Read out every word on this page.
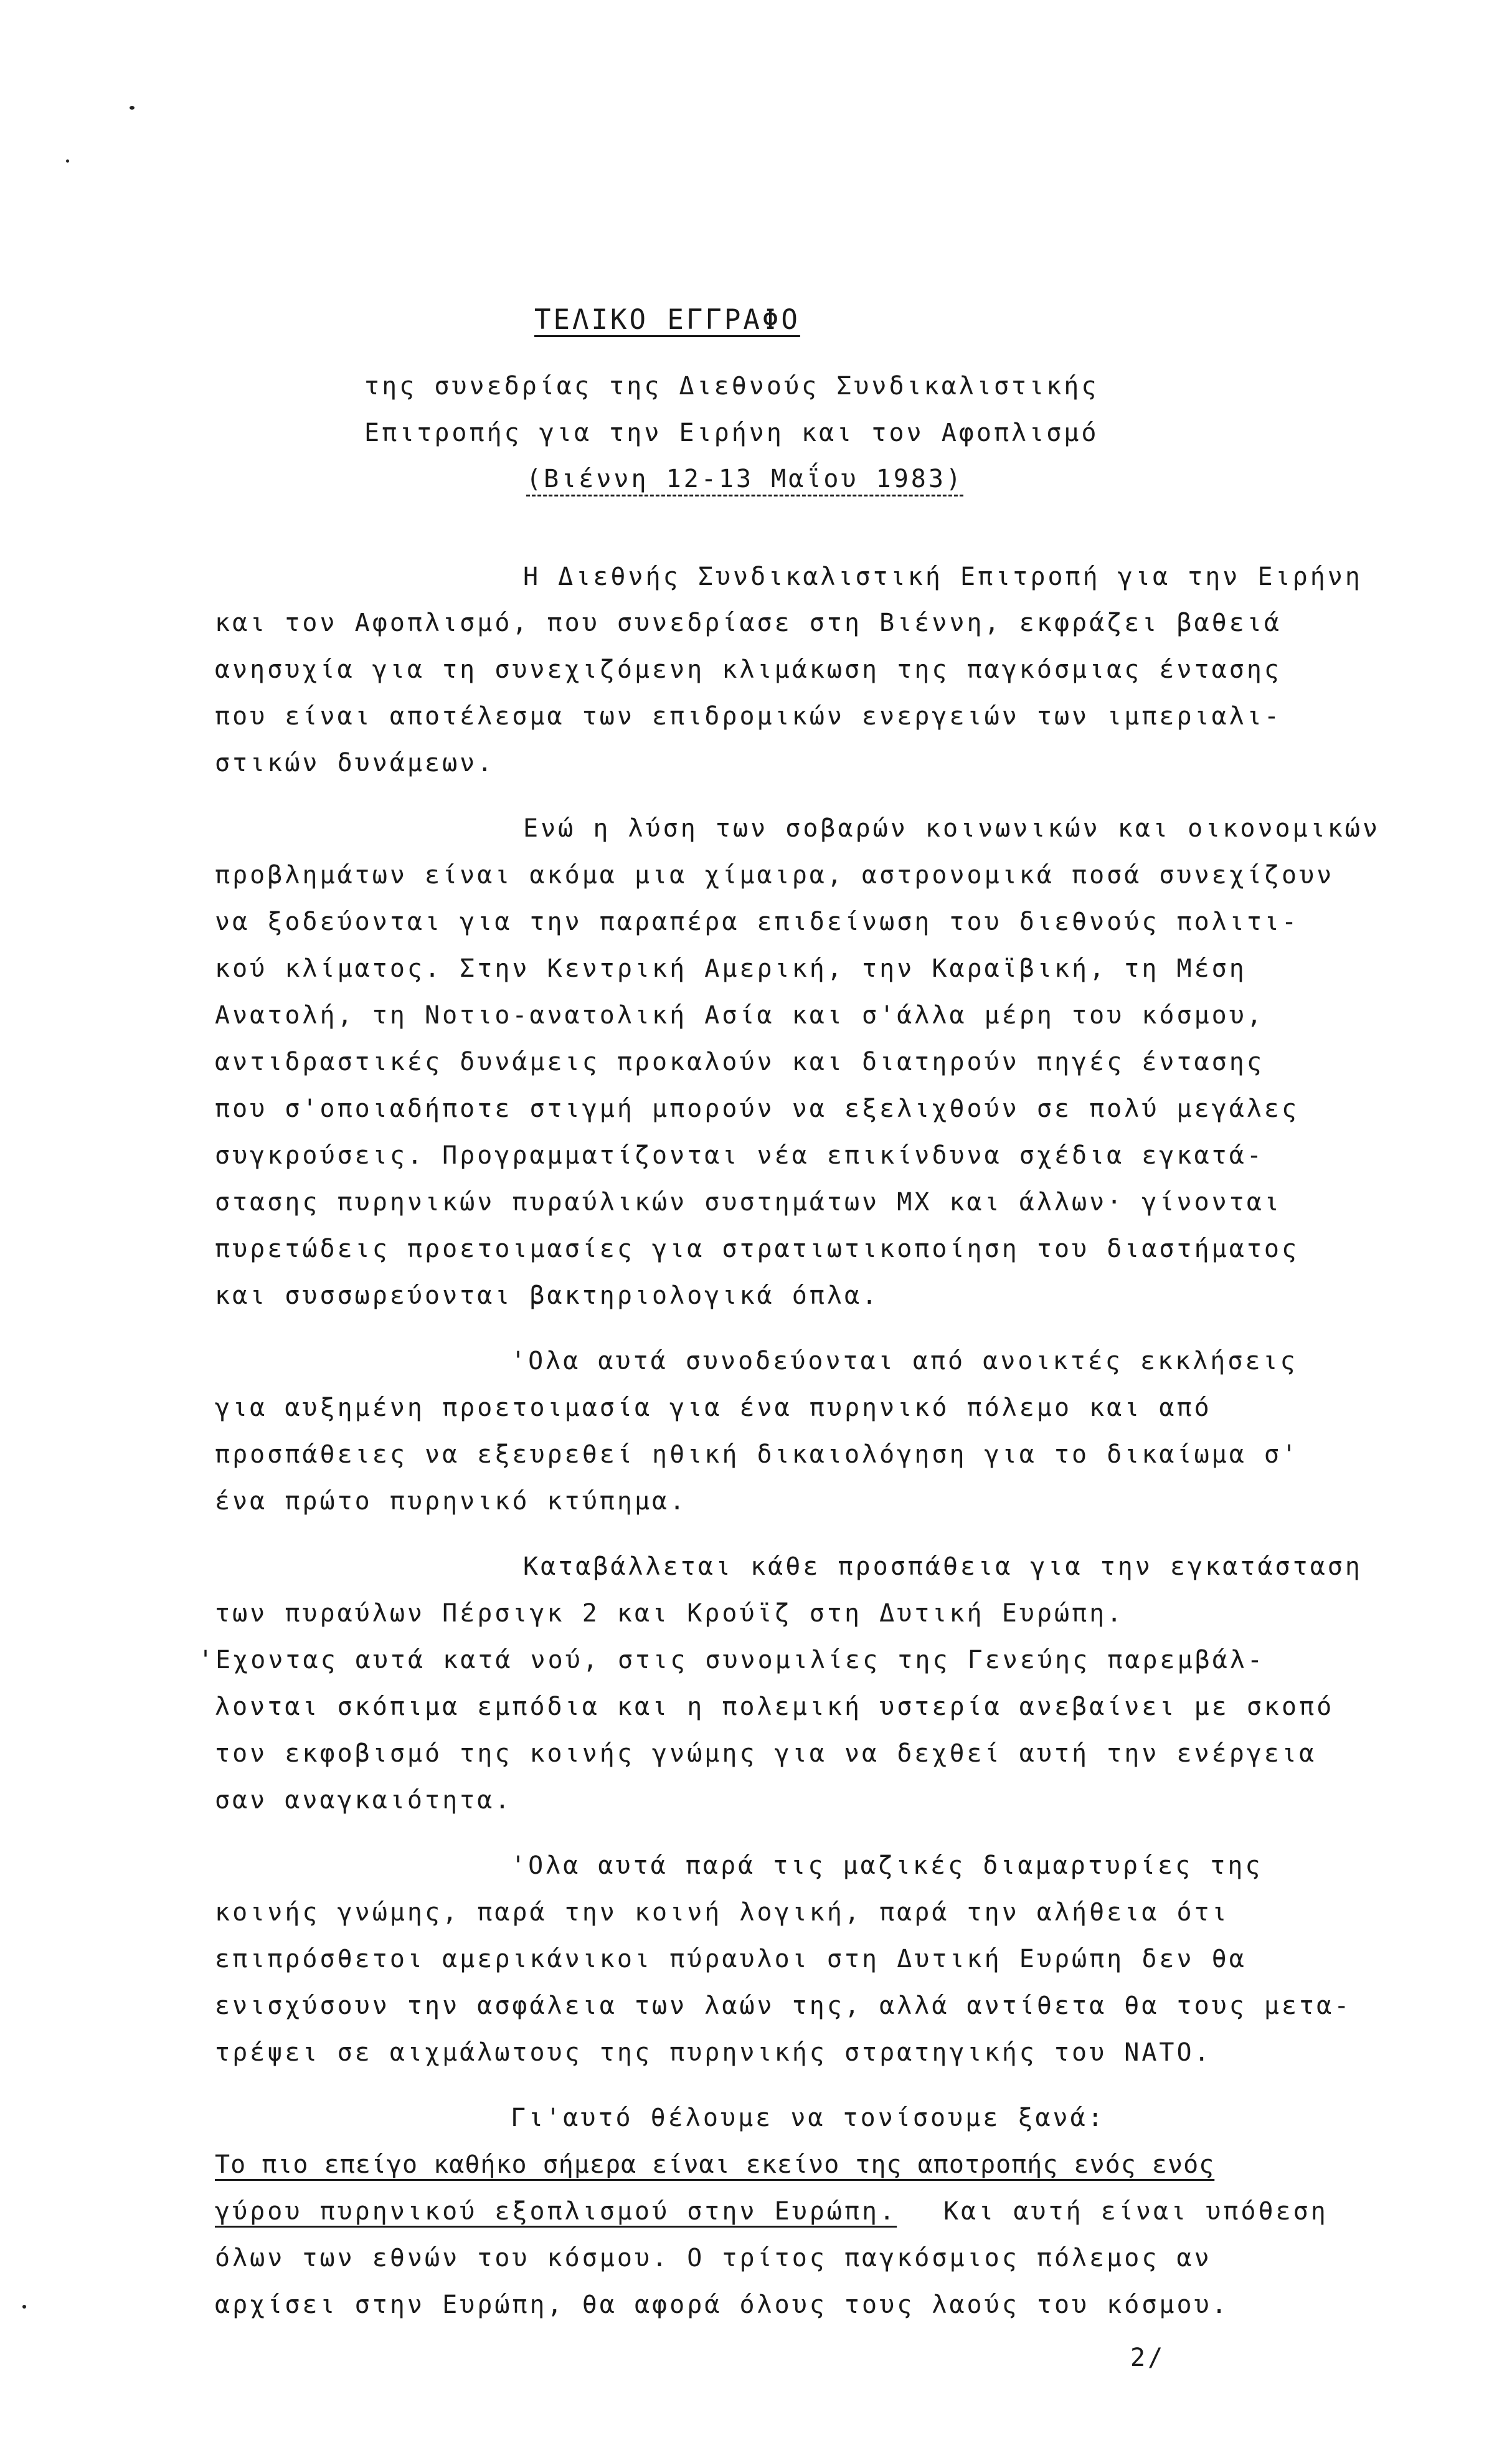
ΤΕΛΙΚΟ ΕΓΓΡΑΦΟ
της συνεδρίας της Διεθνούς Συνδικαλιστικής
Επιτροπής για την Ειρήνη και τον Αφοπλισμό
(Βιέννη 12-13 Μαΐου 1983)
Η Διεθνής Συνδικαλιστική Επιτροπή για την Ειρήνη
και τον Αφοπλισμό, που συνεδρίασε στη Βιέννη, εκφράζει βαθειά
ανησυχία για τη συνεχιζόμενη κλιμάκωση της παγκόσμιας έντασης
που είναι αποτέλεσμα των επιδρομικών ενεργειών των ιμπεριαλι-
στικών δυνάμεων.
Ενώ η λύση των σοβαρών κοινωνικών και οικονομικών
προβλημάτων είναι ακόμα μια χίμαιρα, αστρονομικά ποσά συνεχίζουν
να ξοδεύονται για την παραπέρα επιδείνωση του διεθνούς πολιτι-
κού κλίματος. Στην Κεντρική Αμερική, την Καραϊβική, τη Μέση
Ανατολή, τη Νοτιο-ανατολική Ασία και σ'άλλα μέρη του κόσμου,
αντιδραστικές δυνάμεις προκαλούν και διατηρούν πηγές έντασης
που σ'οποιαδήποτε στιγμή μπορούν να εξελιχθούν σε πολύ μεγάλες
συγκρούσεις. Προγραμματίζονται νέα επικίνδυνα σχέδια εγκατά-
στασης πυρηνικών πυραύλικών συστημάτων ΜΧ και άλλων· γίνονται
πυρετώδεις προετοιμασίες για στρατιωτικοποίηση του διαστήματος
και συσσωρεύονται βακτηριολογικά όπλα.
'Ολα αυτά συνοδεύονται από ανοικτές εκκλήσεις
για αυξημένη προετοιμασία για ένα πυρηνικό πόλεμο και από
προσπάθειες να εξευρεθεί ηθική δικαιολόγηση για το δικαίωμα σ'
ένα πρώτο πυρηνικό κτύπημα.
Καταβάλλεται κάθε προσπάθεια για την εγκατάσταση
των πυραύλων Πέρσιγκ 2 και Κρούϊζ στη Δυτική Ευρώπη.
'Εχοντας αυτά κατά νού, στις συνομιλίες της Γενεύης παρεμβάλ-
λονται σκόπιμα εμπόδια και η πολεμική υστερία ανεβαίνει με σκοπό
τον εκφοβισμό της κοινής γνώμης για να δεχθεί αυτή την ενέργεια
σαν αναγκαιότητα.
'Ολα αυτά παρά τις μαζικές διαμαρτυρίες της
κοινής γνώμης, παρά την κοινή λογική, παρά την αλήθεια ότι
επιπρόσθετοι αμερικάνικοι πύραυλοι στη Δυτική Ευρώπη δεν θα
ενισχύσουν την ασφάλεια των λαών της, αλλά αντίθετα θα τους μετα-
τρέψει σε αιχμάλωτους της πυρηνικής στρατηγικής του ΝΑΤΟ.
Γι'αυτό θέλουμε να τονίσουμε ξανά:
Το πιο επείγο καθήκο σήμερα είναι εκείνο της αποτροπής ενός ενός
γύρου πυρηνικού εξοπλισμού στην Ευρώπη. Και αυτή είναι υπόθεση
όλων των εθνών του κόσμου. Ο τρίτος παγκόσμιος πόλεμος αν
αρχίσει στην Ευρώπη, θα αφορά όλους τους λαούς του κόσμου.
2/
